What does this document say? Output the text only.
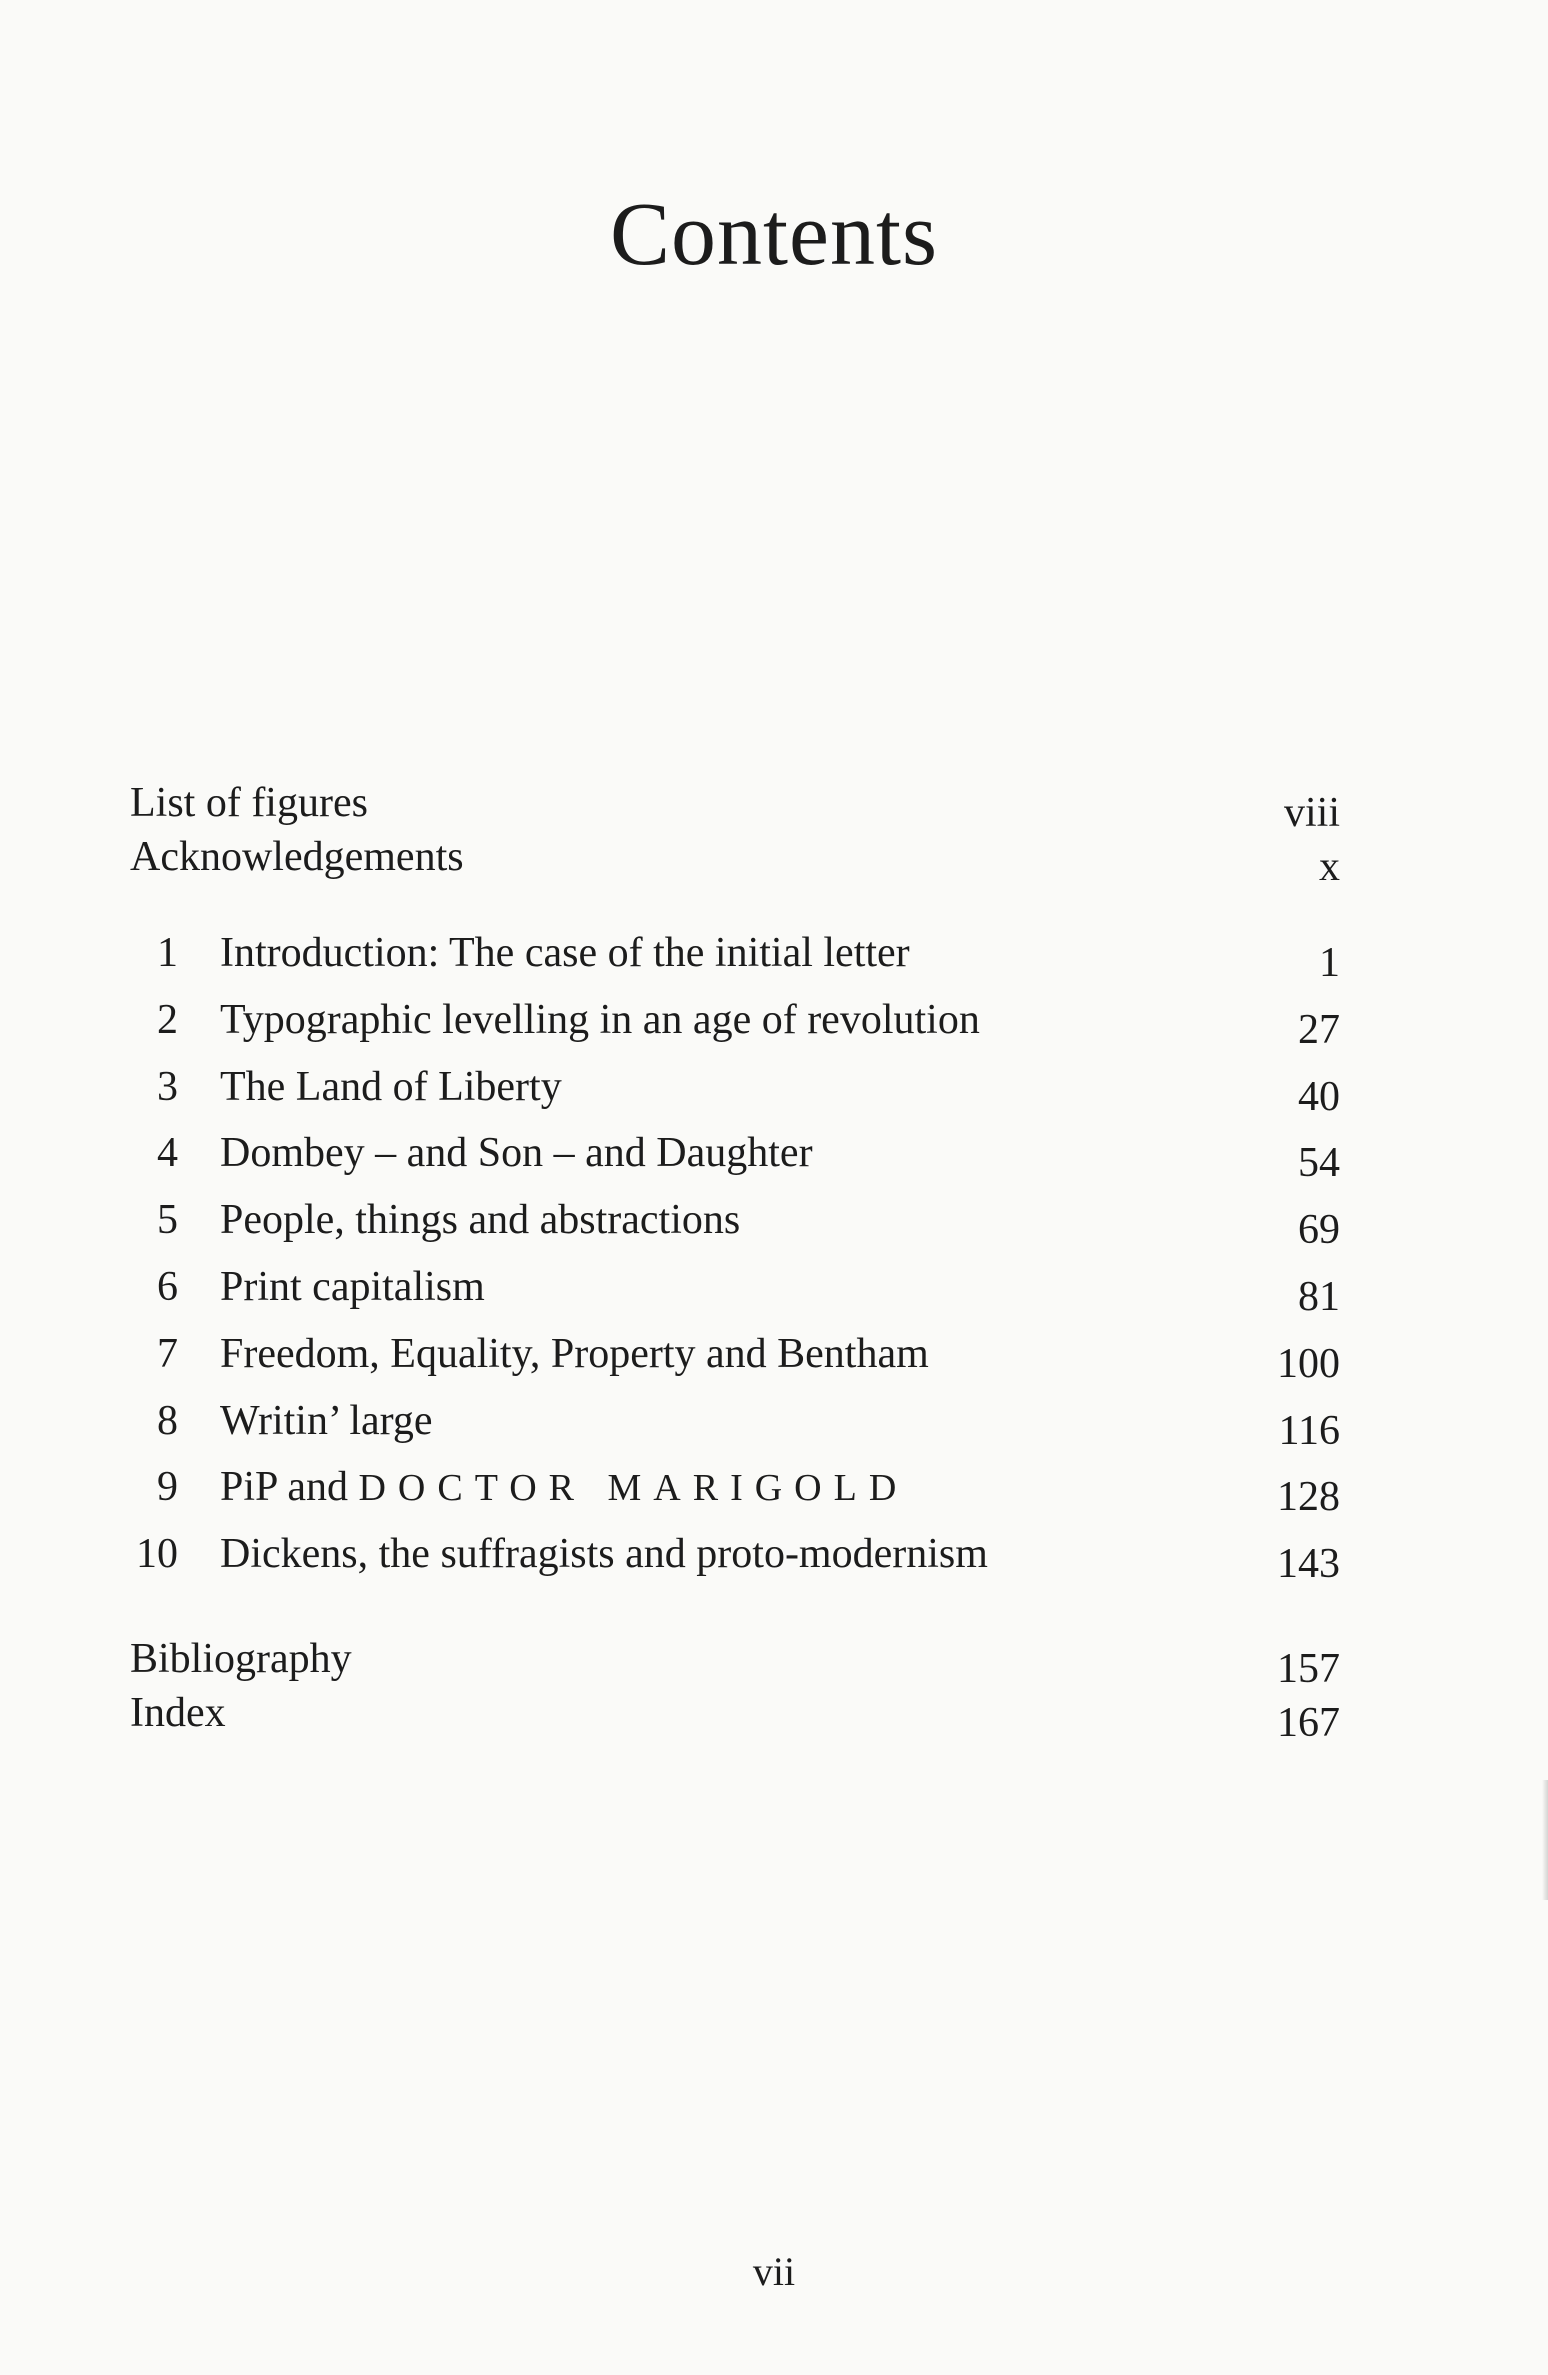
Contents
List of figures	viii
Acknowledgements	x
1 Introduction: The case of the initial letter	1
2 Typographic levelling in an age of revolution	27
3 The Land of Liberty	40
4 Dombey – and Son – and Daughter	54
5 People, things and abstractions	69
6 Print capitalism	81
7 Freedom, Equality, Property and Bentham	100
8 Writin’ large	116
9 PiP and DOCTOR MARIGOLD	128
10 Dickens, the suffragists and proto-modernism	143
Bibliography	157
Index	167
vii
